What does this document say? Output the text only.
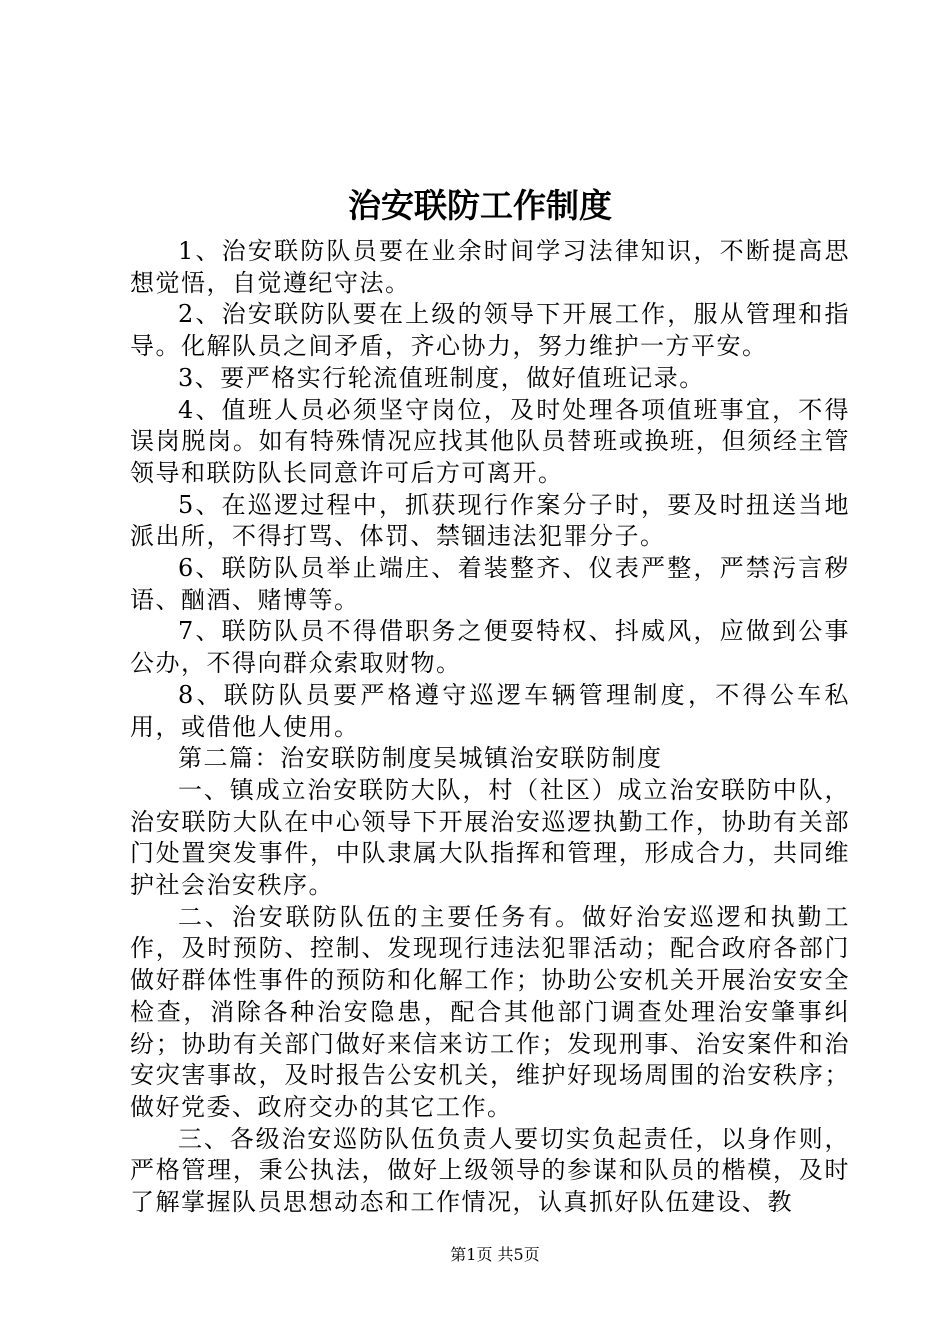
治安联防工作制度

1、治安联防队员要在业余时间学习法律知识，不断提高思想觉悟，自觉遵纪守法。

2、治安联防队要在上级的领导下开展工作，服从管理和指导。化解队员之间矛盾，齐心协力，努力维护一方平安。

3、要严格实行轮流值班制度，做好值班记录。

4、值班人员必须坚守岗位，及时处理各项值班事宜，不得误岗脱岗。如有特殊情况应找其他队员替班或换班，但须经主管领导和联防队长同意许可后方可离开。

5、在巡逻过程中，抓获现行作案分子时，要及时扭送当地派出所，不得打骂、体罚、禁锢违法犯罪分子。

6、联防队员举止端庄、着装整齐、仪表严整，严禁污言秽语、酗酒、赌博等。

7、联防队员不得借职务之便耍特权、抖威风，应做到公事公办，不得向群众索取财物。

8、联防队员要严格遵守巡逻车辆管理制度，不得公车私用，或借他人使用。

第二篇：治安联防制度吴城镇治安联防制度

一、镇成立治安联防大队，村（社区）成立治安联防中队，治安联防大队在中心领导下开展治安巡逻执勤工作，协助有关部门处置突发事件，中队隶属大队指挥和管理，形成合力，共同维护社会治安秩序。

二、治安联防队伍的主要任务有。做好治安巡逻和执勤工作，及时预防、控制、发现现行违法犯罪活动；配合政府各部门做好群体性事件的预防和化解工作；协助公安机关开展治安安全检查，消除各种治安隐患，配合其他部门调查处理治安肇事纠纷；协助有关部门做好来信来访工作；发现刑事、治安案件和治安灾害事故，及时报告公安机关，维护好现场周围的治安秩序；做好党委、政府交办的其它工作。

三、各级治安巡防队伍负责人要切实负起责任，以身作则，严格管理，秉公执法，做好上级领导的参谋和队员的楷模，及时了解掌握队员思想动态和工作情况，认真抓好队伍建设、教

第1页 共5页
